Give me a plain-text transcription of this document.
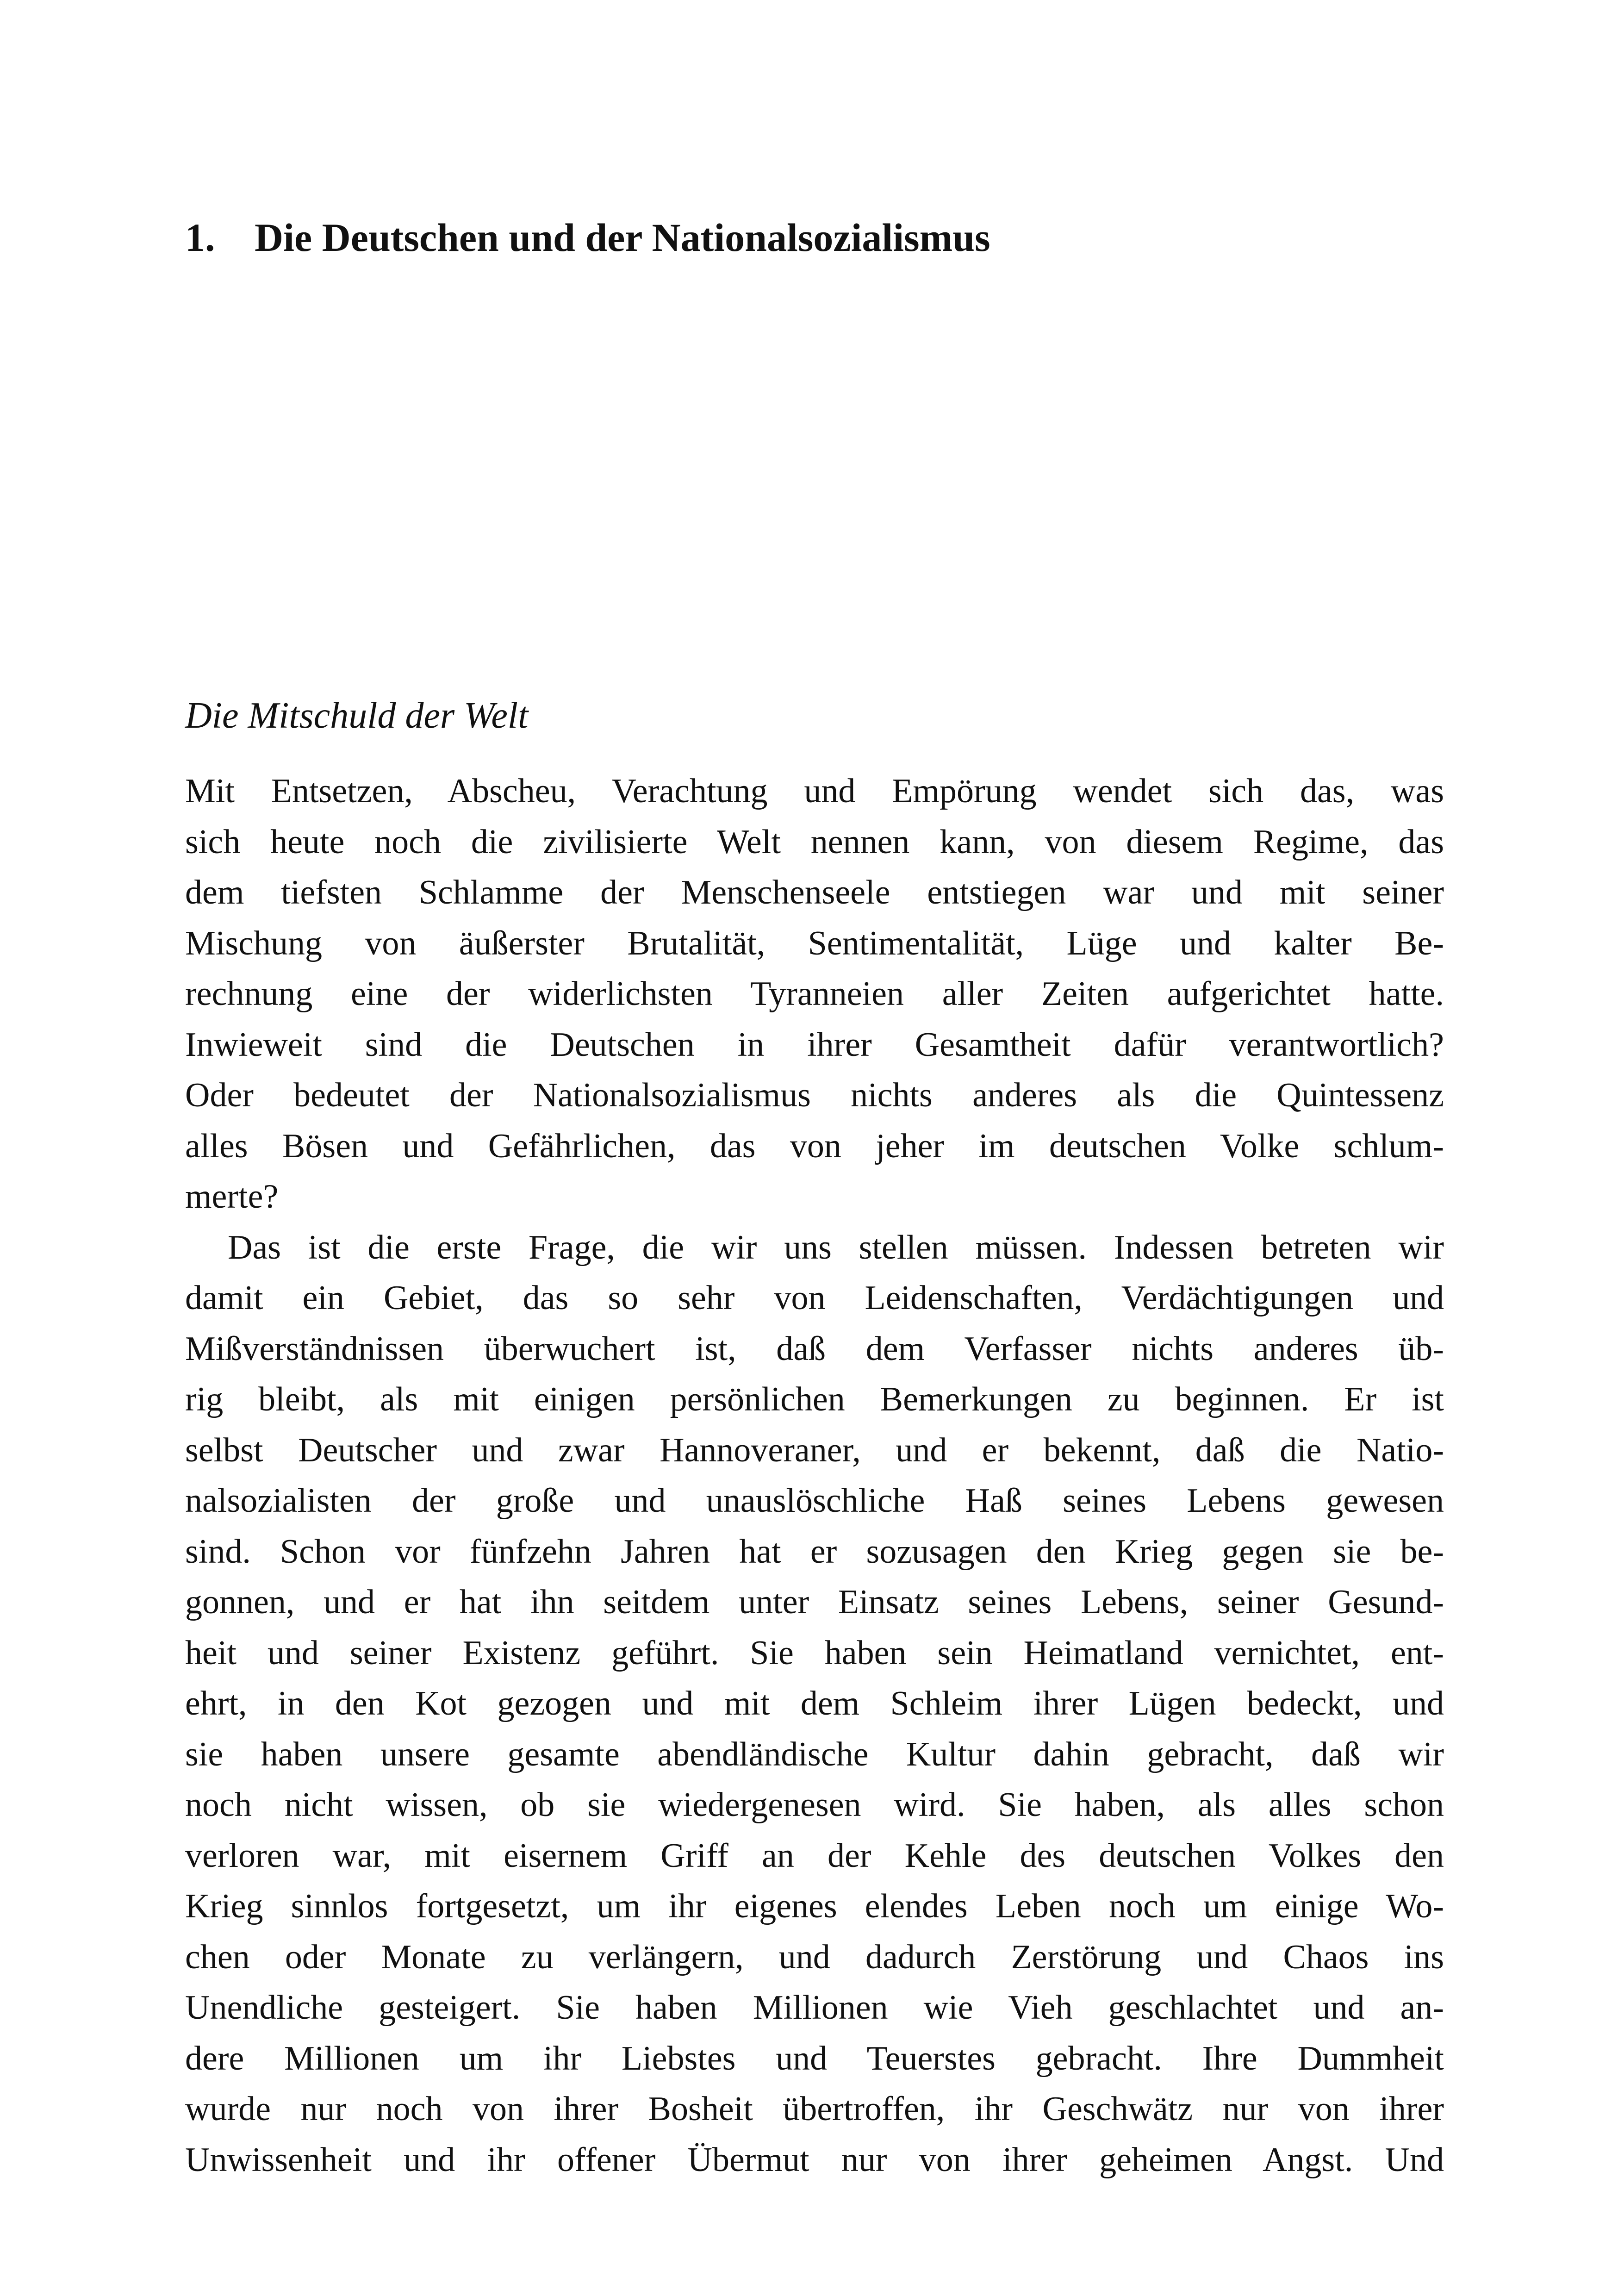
1. Die Deutschen und der Nationalsozialismus
Die Mitschuld der Welt
Mit Entsetzen, Abscheu, Verachtung und Empörung wendet sich das, was
sich heute noch die zivilisierte Welt nennen kann, von diesem Regime, das
dem tiefsten Schlamme der Menschenseele entstiegen war und mit seiner
Mischung von äußerster Brutalität, Sentimentalität, Lüge und kalter Be-
rechnung eine der widerlichsten Tyranneien aller Zeiten aufgerichtet hatte.
Inwieweit sind die Deutschen in ihrer Gesamtheit dafür verantwortlich?
Oder bedeutet der Nationalsozialismus nichts anderes als die Quintessenz
alles Bösen und Gefährlichen, das von jeher im deutschen Volke schlum-
merte?
Das ist die erste Frage, die wir uns stellen müssen. Indessen betreten wir
damit ein Gebiet, das so sehr von Leidenschaften, Verdächtigungen und
Mißverständnissen überwuchert ist, daß dem Verfasser nichts anderes üb-
rig bleibt, als mit einigen persönlichen Bemerkungen zu beginnen. Er ist
selbst Deutscher und zwar Hannoveraner, und er bekennt, daß die Natio-
nalsozialisten der große und unauslöschliche Haß seines Lebens gewesen
sind. Schon vor fünfzehn Jahren hat er sozusagen den Krieg gegen sie be-
gonnen, und er hat ihn seitdem unter Einsatz seines Lebens, seiner Gesund-
heit und seiner Existenz geführt. Sie haben sein Heimatland vernichtet, ent-
ehrt, in den Kot gezogen und mit dem Schleim ihrer Lügen bedeckt, und
sie haben unsere gesamte abendländische Kultur dahin gebracht, daß wir
noch nicht wissen, ob sie wiedergenesen wird. Sie haben, als alles schon
verloren war, mit eisernem Griff an der Kehle des deutschen Volkes den
Krieg sinnlos fortgesetzt, um ihr eigenes elendes Leben noch um einige Wo-
chen oder Monate zu verlängern, und dadurch Zerstörung und Chaos ins
Unendliche gesteigert. Sie haben Millionen wie Vieh geschlachtet und an-
dere Millionen um ihr Liebstes und Teuerstes gebracht. Ihre Dummheit
wurde nur noch von ihrer Bosheit übertroffen, ihr Geschwätz nur von ihrer
Unwissenheit und ihr offener Übermut nur von ihrer geheimen Angst. Und
